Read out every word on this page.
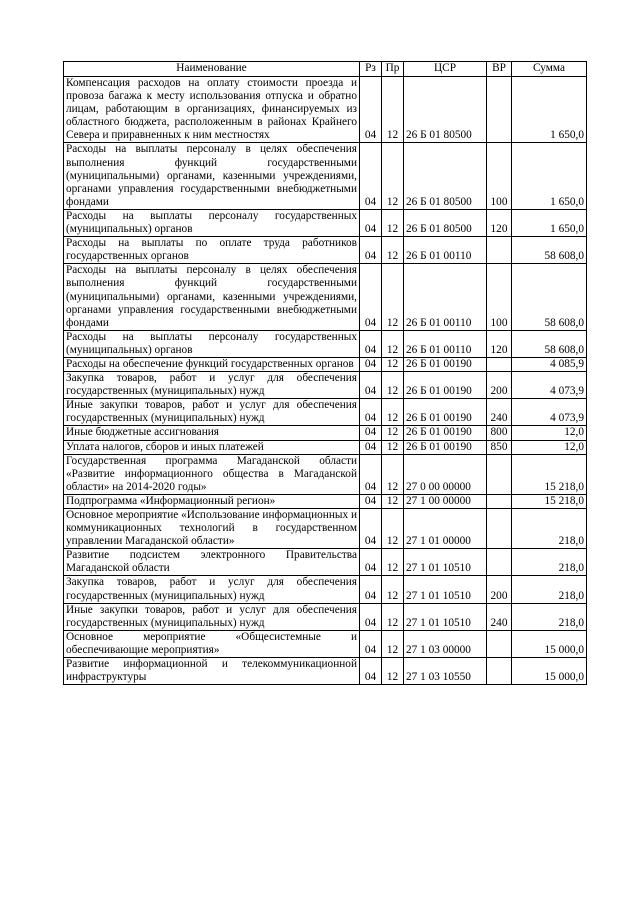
Наименование	Рз	Пр	ЦСР	ВР	Сумма
Компенсация расходов на оплату стоимости проезда и провоза багажа к месту использования отпуска и обратно лицам, работающим в организациях, финансируемых из областного бюджета, расположенным в районах Крайнего Севера и приравненных к ним местностях	04	12	26 Б 01 80500		1 650,0
Расходы на выплаты персоналу в целях обеспечения выполнения функций государственными (муниципальными) органами, казенными учреждениями, органами управления государственными внебюджетными фондами	04	12	26 Б 01 80500	100	1 650,0
Расходы на выплаты персоналу государственных (муниципальных) органов	04	12	26 Б 01 80500	120	1 650,0
Расходы на выплаты по оплате труда работников государственных органов	04	12	26 Б 01 00110		58 608,0
Расходы на выплаты персоналу в целях обеспечения выполнения функций государственными (муниципальными) органами, казенными учреждениями, органами управления государственными внебюджетными фондами	04	12	26 Б 01 00110	100	58 608,0
Расходы на выплаты персоналу государственных (муниципальных) органов	04	12	26 Б 01 00110	120	58 608,0
Расходы на обеспечение функций государственных органов	04	12	26 Б 01 00190		4 085,9
Закупка товаров, работ и услуг для обеспечения государственных (муниципальных) нужд	04	12	26 Б 01 00190	200	4 073,9
Иные закупки товаров, работ и услуг для обеспечения государственных (муниципальных) нужд	04	12	26 Б 01 00190	240	4 073,9
Иные бюджетные ассигнования	04	12	26 Б 01 00190	800	12,0
Уплата налогов, сборов и иных платежей	04	12	26 Б 01 00190	850	12,0
Государственная программа Магаданской области «Развитие информационного общества в Магаданской области» на 2014-2020 годы»	04	12	27 0 00 00000		15 218,0
Подпрограмма «Информационный регион»	04	12	27 1 00 00000		15 218,0
Основное мероприятие «Использование информационных и коммуникационных технологий в государственном управлении Магаданской области»	04	12	27 1 01 00000		218,0
Развитие подсистем электронного Правительства Магаданской области	04	12	27 1 01 10510		218,0
Закупка товаров, работ и услуг для обеспечения государственных (муниципальных) нужд	04	12	27 1 01 10510	200	218,0
Иные закупки товаров, работ и услуг для обеспечения государственных (муниципальных) нужд	04	12	27 1 01 10510	240	218,0
Основное мероприятие «Общесистемные и обеспечивающие мероприятия»	04	12	27 1 03 00000		15 000,0
Развитие информационной и телекоммуникационной инфраструктуры	04	12	27 1 03 10550		15 000,0
